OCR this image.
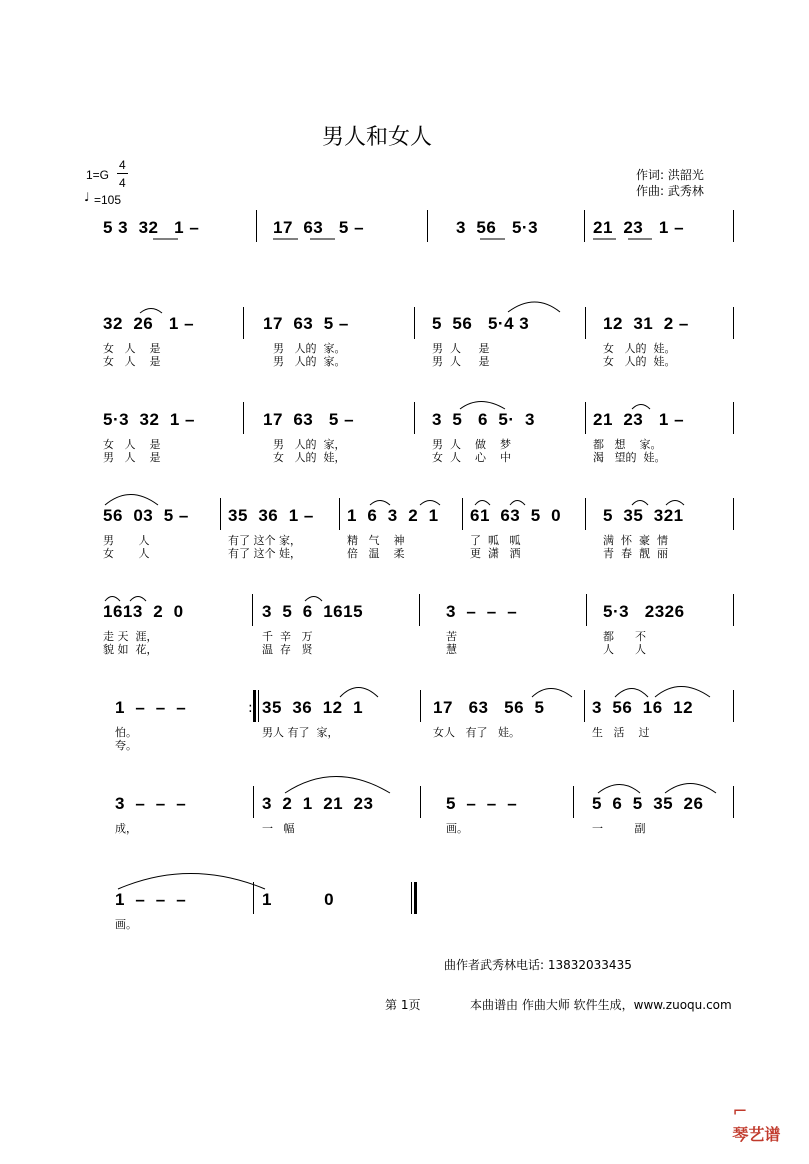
男人和女人
1=G
4
4
♩ =105
作词: 洪韶光
作曲: 武秀林
5 3  32   1 –	17  63   5 –	3  56   5·3	21  23   1 –
32  26   1 –	17  63  5 –	5  56   5·4 3	12  31  2 –
女   人    是	男   人的  家。	男  人     是	女   人的  娃。
女   人    是	男   人的  家。	男  人     是	女   人的  娃。
5·3  32  1 –	17  63   5 –	3  5   6  5·  3	21  23   1 –
女   人    是	男   人的  家，	男  人    做    梦	都   想    家。
男   人    是	女   人的  娃，	女  人    心    中	渴   望的  娃。
56  03  5 – 35  36  1 – 1  6  3  2  1 61  63  5  0 5  35  321
男       人	有了 这个 家，	精   气    神	了  呱   呱	满  怀  豪  情
女       人	有了 这个 娃，	倍   温    柔	更  潇   洒	青  春  靓  丽
1613  2  0	3  5  6  1615	3  –  –  –	5·3   2326
走 天  涯，	千  辛   万	苦	都      不
貌 如  花，	温  存   贤	慧	人      人
1  –  –  –	35  36  12  1	17   63   56  5	3  56  16  12
怕。	男人 有了  家，	女人   有了   娃。	生   活    过
夸。
:
3  –  –  –	3  2  1  21  23	5  –  –  –	5  6  5  35  26
成，	一   幅	画。	一         副
1  –  –  –	1          0
画。
曲作者武秀林电话: 13832033435
第 1页	本曲谱由 作曲大师 软件生成，www.zuoqu.com

⌐
琴艺谱
